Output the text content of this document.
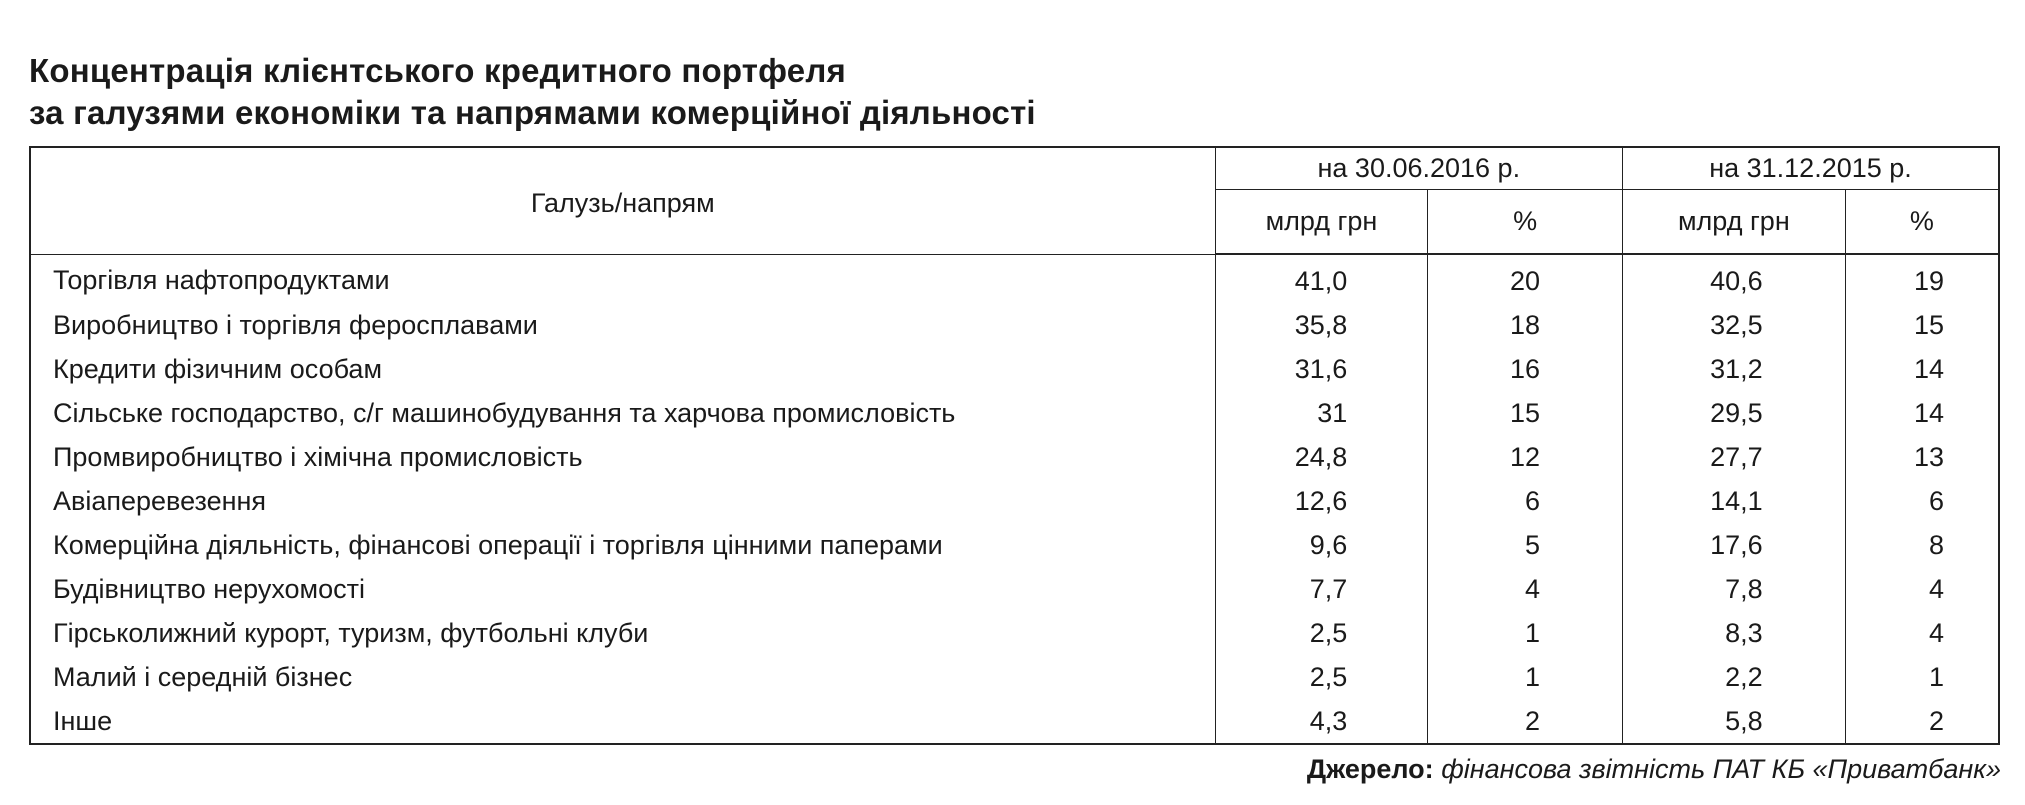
Концентрація клієнтського кредитного портфеля
за галузями економіки та напрямами комерційної діяльності
Галузь/напрям	на 30.06.2016 р.		на 31.12.2015 р.	
	млрд грн	%	млрд грн	%
Торгівля нафтопродуктами	41,0	20	40,6	19
Виробництво і торгівля феросплавами	35,8	18	32,5	15
Кредити фізичним особам	31,6	16	31,2	14
Сільське господарство, с/г машинобудування та харчова промисловість	31	15	29,5	14
Промвиробництво і хімічна промисловість	24,8	12	27,7	13
Авіаперевезення	12,6	6	14,1	6
Комерційна діяльність, фінансові операції і торгівля цінними паперами	9,6	5	17,6	8
Будівництво нерухомості	7,7	4	7,8	4
Гірськолижний курорт, туризм, футбольні клуби	2,5	1	8,3	4
Малий і середній бізнес	2,5	1	2,2	1
Інше	4,3	2	5,8	2

Джерело: фінансова звітність ПАТ КБ «Приватбанк»
